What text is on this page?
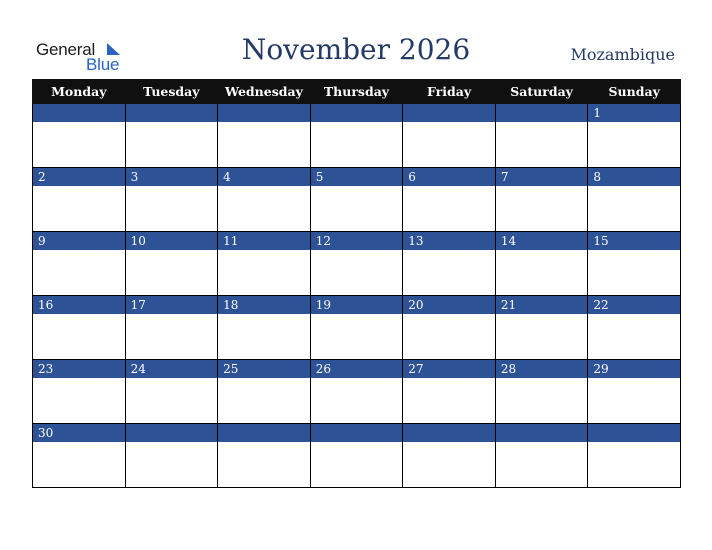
General
Blue	November 2026	Mozambique
Monday	Tuesday	Wednesday	Thursday	Friday	Saturday	Sunday

						1

2	3	4	5	6	7	8

9	10	11	12	13	14	15

16	17	18	19	20	21	22

23	24	25	26	27	28	29

30						
